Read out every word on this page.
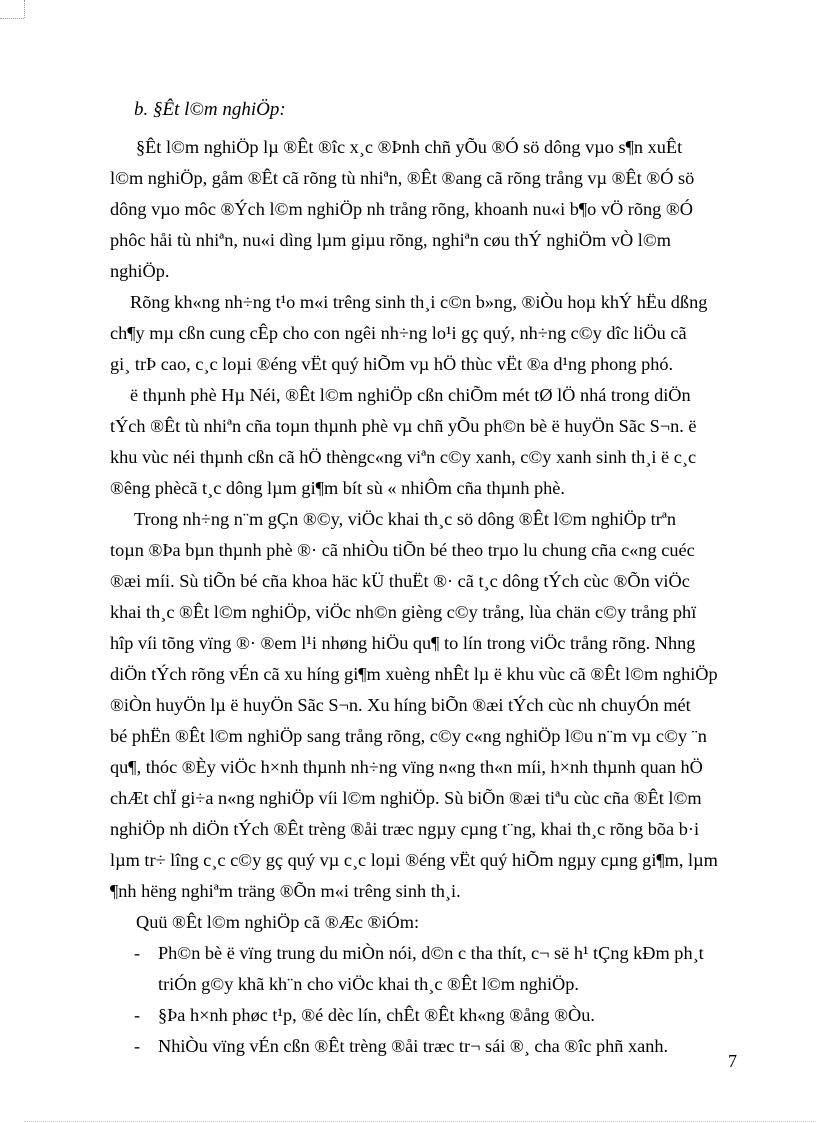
b. §Êt l©m nghiÖp:

§Êt l©m nghiÖp lµ ®Êt ®îc x¸c ®Þnh chñ yÕu ®Ó sö dông vµo s¶n xuÊt
l©m nghiÖp, gåm ®Êt cã rõng tù nhiªn, ®Êt ®ang cã rõng trång vµ ®Êt ®Ó sö
dông vµo môc ®Ých l©m nghiÖp nh trång rõng, khoanh nu«i b¶o vÖ rõng ®Ó
phôc håi tù nhiªn, nu«i dìng lµm giµu rõng, nghiªn cøu thÝ nghiÖm vÒ l©m
nghiÖp.

Rõng kh«ng nh÷ng t¹o m«i trêng sinh th¸i c©n b»ng, ®iÒu hoµ khÝ hËu dßng
ch¶y mµ cßn cung cÊp cho con ngêi nh÷ng lo¹i gç quý, nh÷ng c©y dîc liÖu cã
gi¸ trÞ cao, c¸c loµi ®éng vËt quý hiÕm vµ hÖ thùc vËt ®a d¹ng phong phó.

ë thµnh phè Hµ Néi, ®Êt l©m nghiÖp cßn chiÕm mét tØ lÖ nhá trong diÖn
tÝch ®Êt tù nhiªn cña toµn thµnh phè vµ chñ yÕu ph©n bè ë huyÖn Sãc S¬n. ë
khu vùc néi thµnh cßn cã hÖ thèngc«ng viªn c©y xanh, c©y xanh sinh th¸i ë c¸c
®êng phècã t¸c dông lµm gi¶m bít sù « nhiÔm cña thµnh phè.

Trong nh÷ng n¨m gÇn ®©y, viÖc khai th¸c sö dông ®Êt l©m nghiÖp trªn
toµn ®Þa bµn thµnh phè ®· cã nhiÒu tiÕn bé theo trµo lu chung cña c«ng cuéc
®æi míi. Sù tiÕn bé cña khoa häc kÜ thuËt ®· cã t¸c dông tÝch cùc ®Õn viÖc
khai th¸c ®Êt l©m nghiÖp, viÖc nh©n gièng c©y trång, lùa chän c©y trång phï
hîp víi tõng vïng ®· ®em l¹i nhøng hiÖu qu¶ to lín trong viÖc trång rõng. Nhng
diÖn tÝch rõng vÉn cã xu híng gi¶m xuèng nhÊt lµ ë khu vùc cã ®Êt l©m nghiÖp
®iÒn huyÖn lµ ë huyÖn Sãc S¬n. Xu híng biÕn ®æi tÝch cùc nh chuyÓn mét
bé phËn ®Êt l©m nghiÖp sang trång rõng, c©y c«ng nghiÖp l©u n¨m vµ c©y ¨n
qu¶, thóc ®Èy viÖc h×nh thµnh nh÷ng vïng n«ng th«n míi, h×nh thµnh quan hÖ
chÆt chÏ gi÷a n«ng nghiÖp víi l©m nghiÖp. Sù biÕn ®æi tiªu cùc cña ®Êt l©m
nghiÖp nh diÖn tÝch ®Êt trèng ®åi træc ngµy cµng t¨ng, khai th¸c rõng bõa b·i
lµm tr÷ lîng c¸c c©y gç quý vµ c¸c loµi ®éng vËt quý hiÕm ngµy cµng gi¶m, lµm
¶nh hëng nghiªm träng ®Õn m«i trêng sinh th¸i.

Quü ®Êt l©m nghiÖp cã ®Æc ®iÓm:

- Ph©n bè ë vïng trung du miÒn nói, d©n c tha thít, c¬ së h¹ tÇng kÐm ph¸t
triÓn g©y khã kh¨n cho viÖc khai th¸c ®Êt l©m nghiÖp.
- §Þa h×nh phøc t¹p, ®é dèc lín, chÊt ®Êt kh«ng ®ång ®Òu.
- NhiÒu vïng vÉn cßn ®Êt trèng ®åi træc tr¬ sái ®¸ cha ®îc phñ xanh.
7
